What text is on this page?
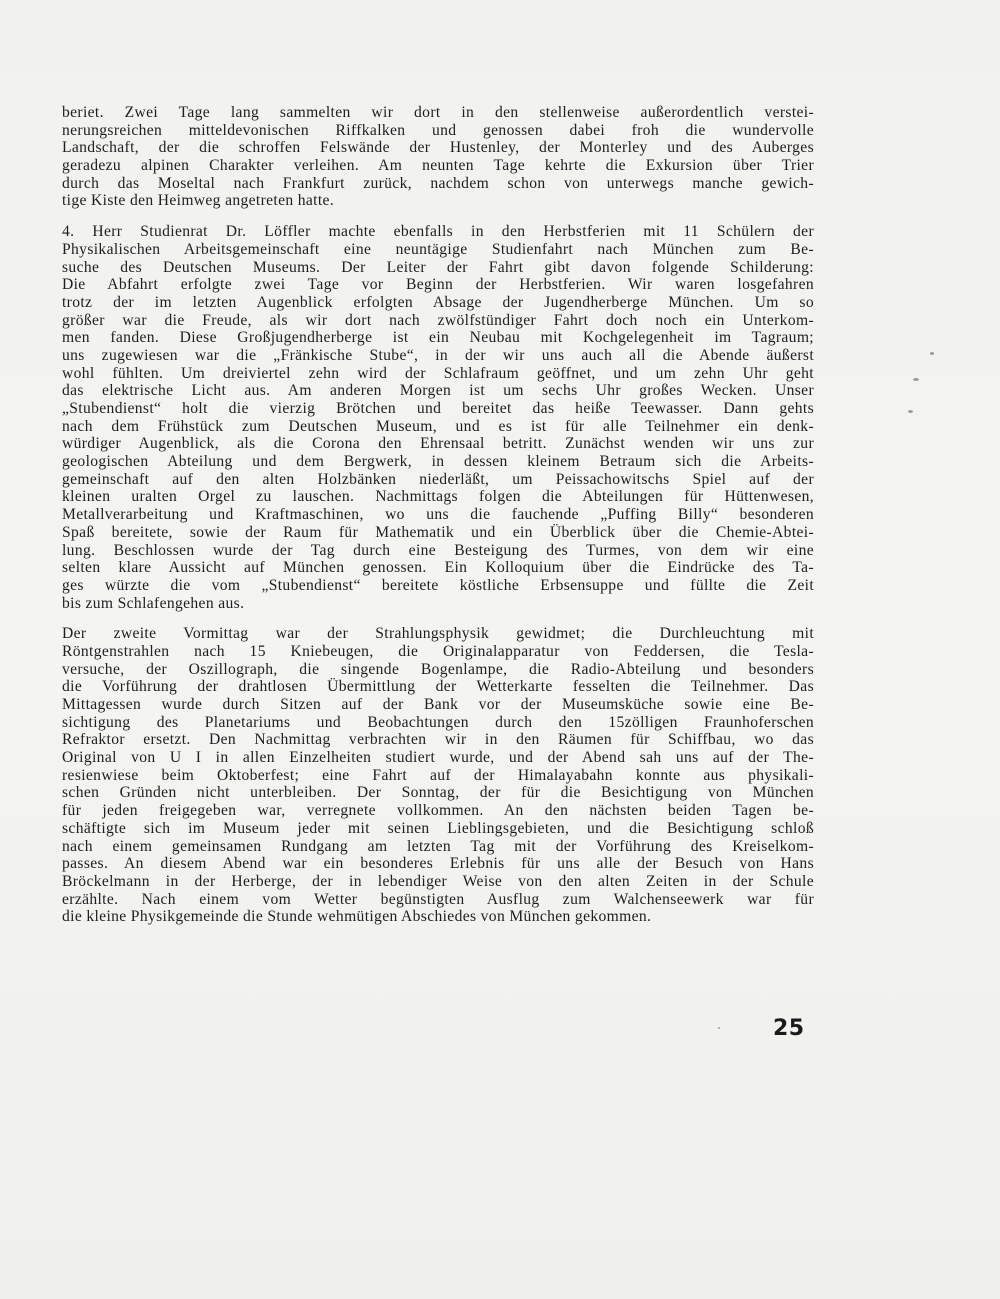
beriet. Zwei Tage lang sammelten wir dort in den stellenweise außerordentlich verstei-
nerungsreichen mitteldevonischen Riffkalken und genossen dabei froh die wundervolle
Landschaft, der die schroffen Felswände der Hustenley, der Monterley und des Auberges
geradezu alpinen Charakter verleihen. Am neunten Tage kehrte die Exkursion über Trier
durch das Moseltal nach Frankfurt zurück, nachdem schon von unterwegs manche gewich-
tige Kiste den Heimweg angetreten hatte.
4. Herr Studienrat Dr. Löffler machte ebenfalls in den Herbstferien mit 11 Schülern der
Physikalischen Arbeitsgemeinschaft eine neuntägige Studienfahrt nach München zum Be-
suche des Deutschen Museums. Der Leiter der Fahrt gibt davon folgende Schilderung:
Die Abfahrt erfolgte zwei Tage vor Beginn der Herbstferien. Wir waren losgefahren
trotz der im letzten Augenblick erfolgten Absage der Jugendherberge München. Um so
größer war die Freude, als wir dort nach zwölfstündiger Fahrt doch noch ein Unterkom-
men fanden. Diese Großjugendherberge ist ein Neubau mit Kochgelegenheit im Tagraum;
uns zugewiesen war die „Fränkische Stube“, in der wir uns auch all die Abende äußerst
wohl fühlten. Um dreiviertel zehn wird der Schlafraum geöffnet, und um zehn Uhr geht
das elektrische Licht aus. Am anderen Morgen ist um sechs Uhr großes Wecken. Unser
„Stubendienst“ holt die vierzig Brötchen und bereitet das heiße Teewasser. Dann gehts
nach dem Frühstück zum Deutschen Museum, und es ist für alle Teilnehmer ein denk-
würdiger Augenblick, als die Corona den Ehrensaal betritt. Zunächst wenden wir uns zur
geologischen Abteilung und dem Bergwerk, in dessen kleinem Betraum sich die Arbeits-
gemeinschaft auf den alten Holzbänken niederläßt, um Peissachowitschs Spiel auf der
kleinen uralten Orgel zu lauschen. Nachmittags folgen die Abteilungen für Hüttenwesen,
Metallverarbeitung und Kraftmaschinen, wo uns die fauchende „Puffing Billy“ besonderen
Spaß bereitete, sowie der Raum für Mathematik und ein Überblick über die Chemie-Abtei-
lung. Beschlossen wurde der Tag durch eine Besteigung des Turmes, von dem wir eine
selten klare Aussicht auf München genossen. Ein Kolloquium über die Eindrücke des Ta-
ges würzte die vom „Stubendienst“ bereitete köstliche Erbsensuppe und füllte die Zeit
bis zum Schlafengehen aus.
Der zweite Vormittag war der Strahlungsphysik gewidmet; die Durchleuchtung mit
Röntgenstrahlen nach 15 Kniebeugen, die Originalapparatur von Feddersen, die Tesla-
versuche, der Oszillograph, die singende Bogenlampe, die Radio-Abteilung und besonders
die Vorführung der drahtlosen Übermittlung der Wetterkarte fesselten die Teilnehmer. Das
Mittagessen wurde durch Sitzen auf der Bank vor der Museumsküche sowie eine Be-
sichtigung des Planetariums und Beobachtungen durch den 15zölligen Fraunhoferschen
Refraktor ersetzt. Den Nachmittag verbrachten wir in den Räumen für Schiffbau, wo das
Original von U I in allen Einzelheiten studiert wurde, und der Abend sah uns auf der The-
resienwiese beim Oktoberfest; eine Fahrt auf der Himalayabahn konnte aus physikali-
schen Gründen nicht unterbleiben. Der Sonntag, der für die Besichtigung von München
für jeden freigegeben war, verregnete vollkommen. An den nächsten beiden Tagen be-
schäftigte sich im Museum jeder mit seinen Lieblingsgebieten, und die Besichtigung schloß
nach einem gemeinsamen Rundgang am letzten Tag mit der Vorführung des Kreiselkom-
passes. An diesem Abend war ein besonderes Erlebnis für uns alle der Besuch von Hans
Bröckelmann in der Herberge, der in lebendiger Weise von den alten Zeiten in der Schule
erzählte. Nach einem vom Wetter begünstigten Ausflug zum Walchenseewerk war für
die kleine Physikgemeinde die Stunde wehmütigen Abschiedes von München gekommen.
25
